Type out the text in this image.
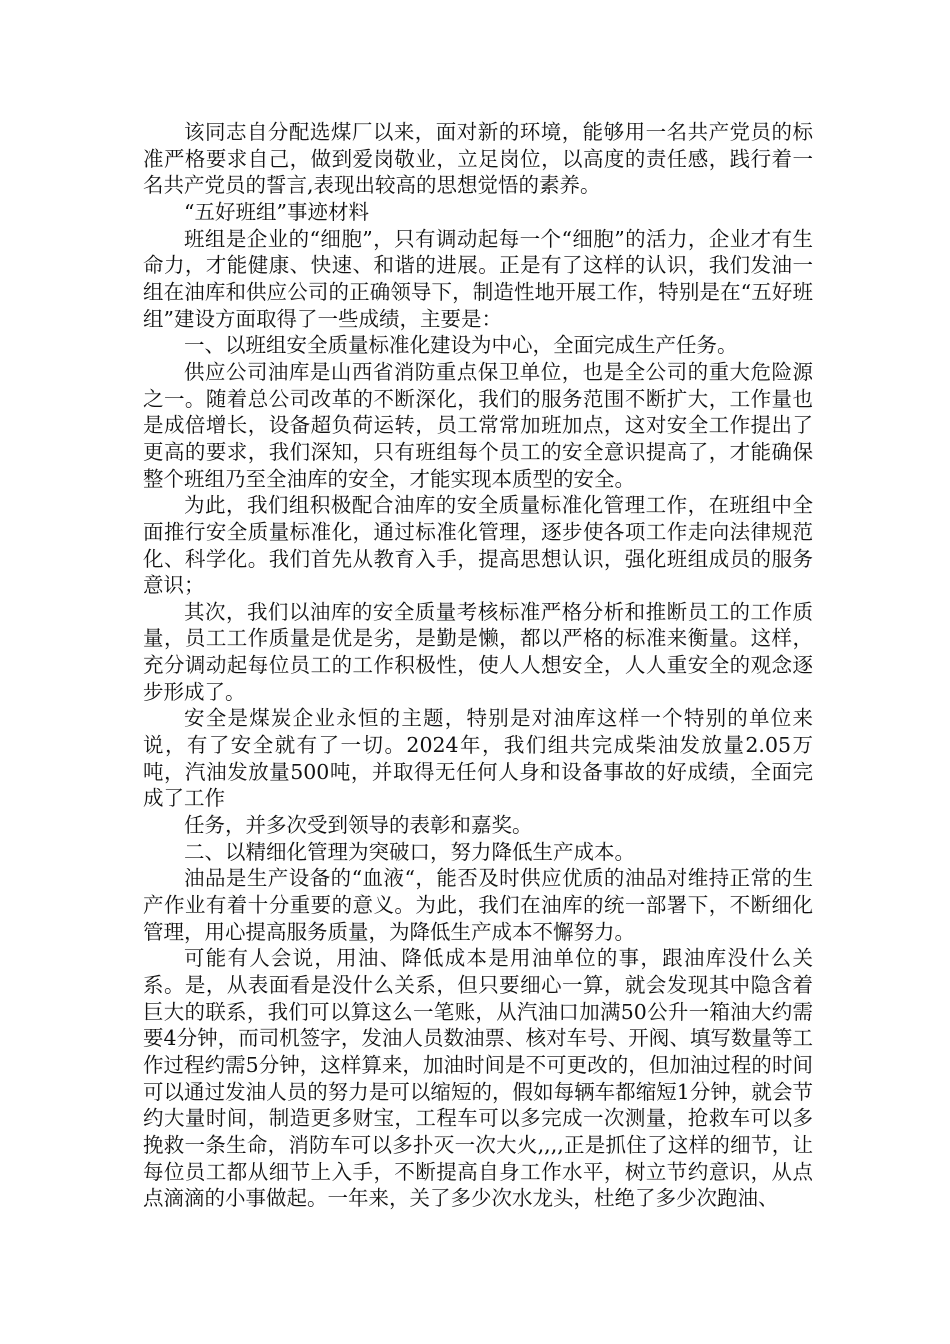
该同志自分配选煤厂以来，面对新的环境，能够用一名共产党员的标准严格要求自己，做到爱岗敬业，立足岗位，以高度的责任感，践行着一名共产党员的誓言,表现出较高的思想觉悟的素养。

“五好班组”事迹材料

班组是企业的“细胞”，只有调动起每一个“细胞”的活力，企业才有生命力，才能健康、快速、和谐的进展。正是有了这样的认识，我们发油一组在油库和供应公司的正确领导下，制造性地开展工作，特别是在“五好班组”建设方面取得了一些成绩，主要是：

一、以班组安全质量标准化建设为中心，全面完成生产任务。

供应公司油库是山西省消防重点保卫单位，也是全公司的重大危险源之一。随着总公司改革的不断深化，我们的服务范围不断扩大，工作量也是成倍增长，设备超负荷运转，员工常常加班加点，这对安全工作提出了更高的要求，我们深知，只有班组每个员工的安全意识提高了，才能确保整个班组乃至全油库的安全，才能实现本质型的安全。

为此，我们组积极配合油库的安全质量标准化管理工作，在班组中全面推行安全质量标准化，通过标准化管理，逐步使各项工作走向法律规范化、科学化。我们首先从教育入手，提高思想认识，强化班组成员的服务意识；

其次，我们以油库的安全质量考核标准严格分析和推断员工的工作质量，员工工作质量是优是劣，是勤是懒，都以严格的标准来衡量。这样，充分调动起每位员工的工作积极性，使人人想安全，人人重安全的观念逐步形成了。

安全是煤炭企业永恒的主题，特别是对油库这样一个特别的单位来说，有了安全就有了一切。2024年，我们组共完成柴油发放量2.05万吨，汽油发放量500吨，并取得无任何人身和设备事故的好成绩，全面完成了工作

任务，并多次受到领导的表彰和嘉奖。

二、以精细化管理为突破口，努力降低生产成本。

油品是生产设备的“血液“，能否及时供应优质的油品对维持正常的生产作业有着十分重要的意义。为此，我们在油库的统一部署下，不断细化管理，用心提高服务质量，为降低生产成本不懈努力。

可能有人会说，用油、降低成本是用油单位的事，跟油库没什么关系。是，从表面看是没什么关系，但只要细心一算，就会发现其中隐含着巨大的联系，我们可以算这么一笔账，从汽油口加满50公升一箱油大约需要4分钟，而司机签字，发油人员数油票、核对车号、开阀、填写数量等工作过程约需5分钟，这样算来，加油时间是不可更改的，但加油过程的时间可以通过发油人员的努力是可以缩短的，假如每辆车都缩短1分钟，就会节约大量时间，制造更多财宝，工程车可以多完成一次测量，抢救车可以多挽救一条生命，消防车可以多扑灭一次大火,,,,正是抓住了这样的细节，让每位员工都从细节上入手，不断提高自身工作水平，树立节约意识，从点点滴滴的小事做起。一年来，关了多少次水龙头，杜绝了多少次跑油、
